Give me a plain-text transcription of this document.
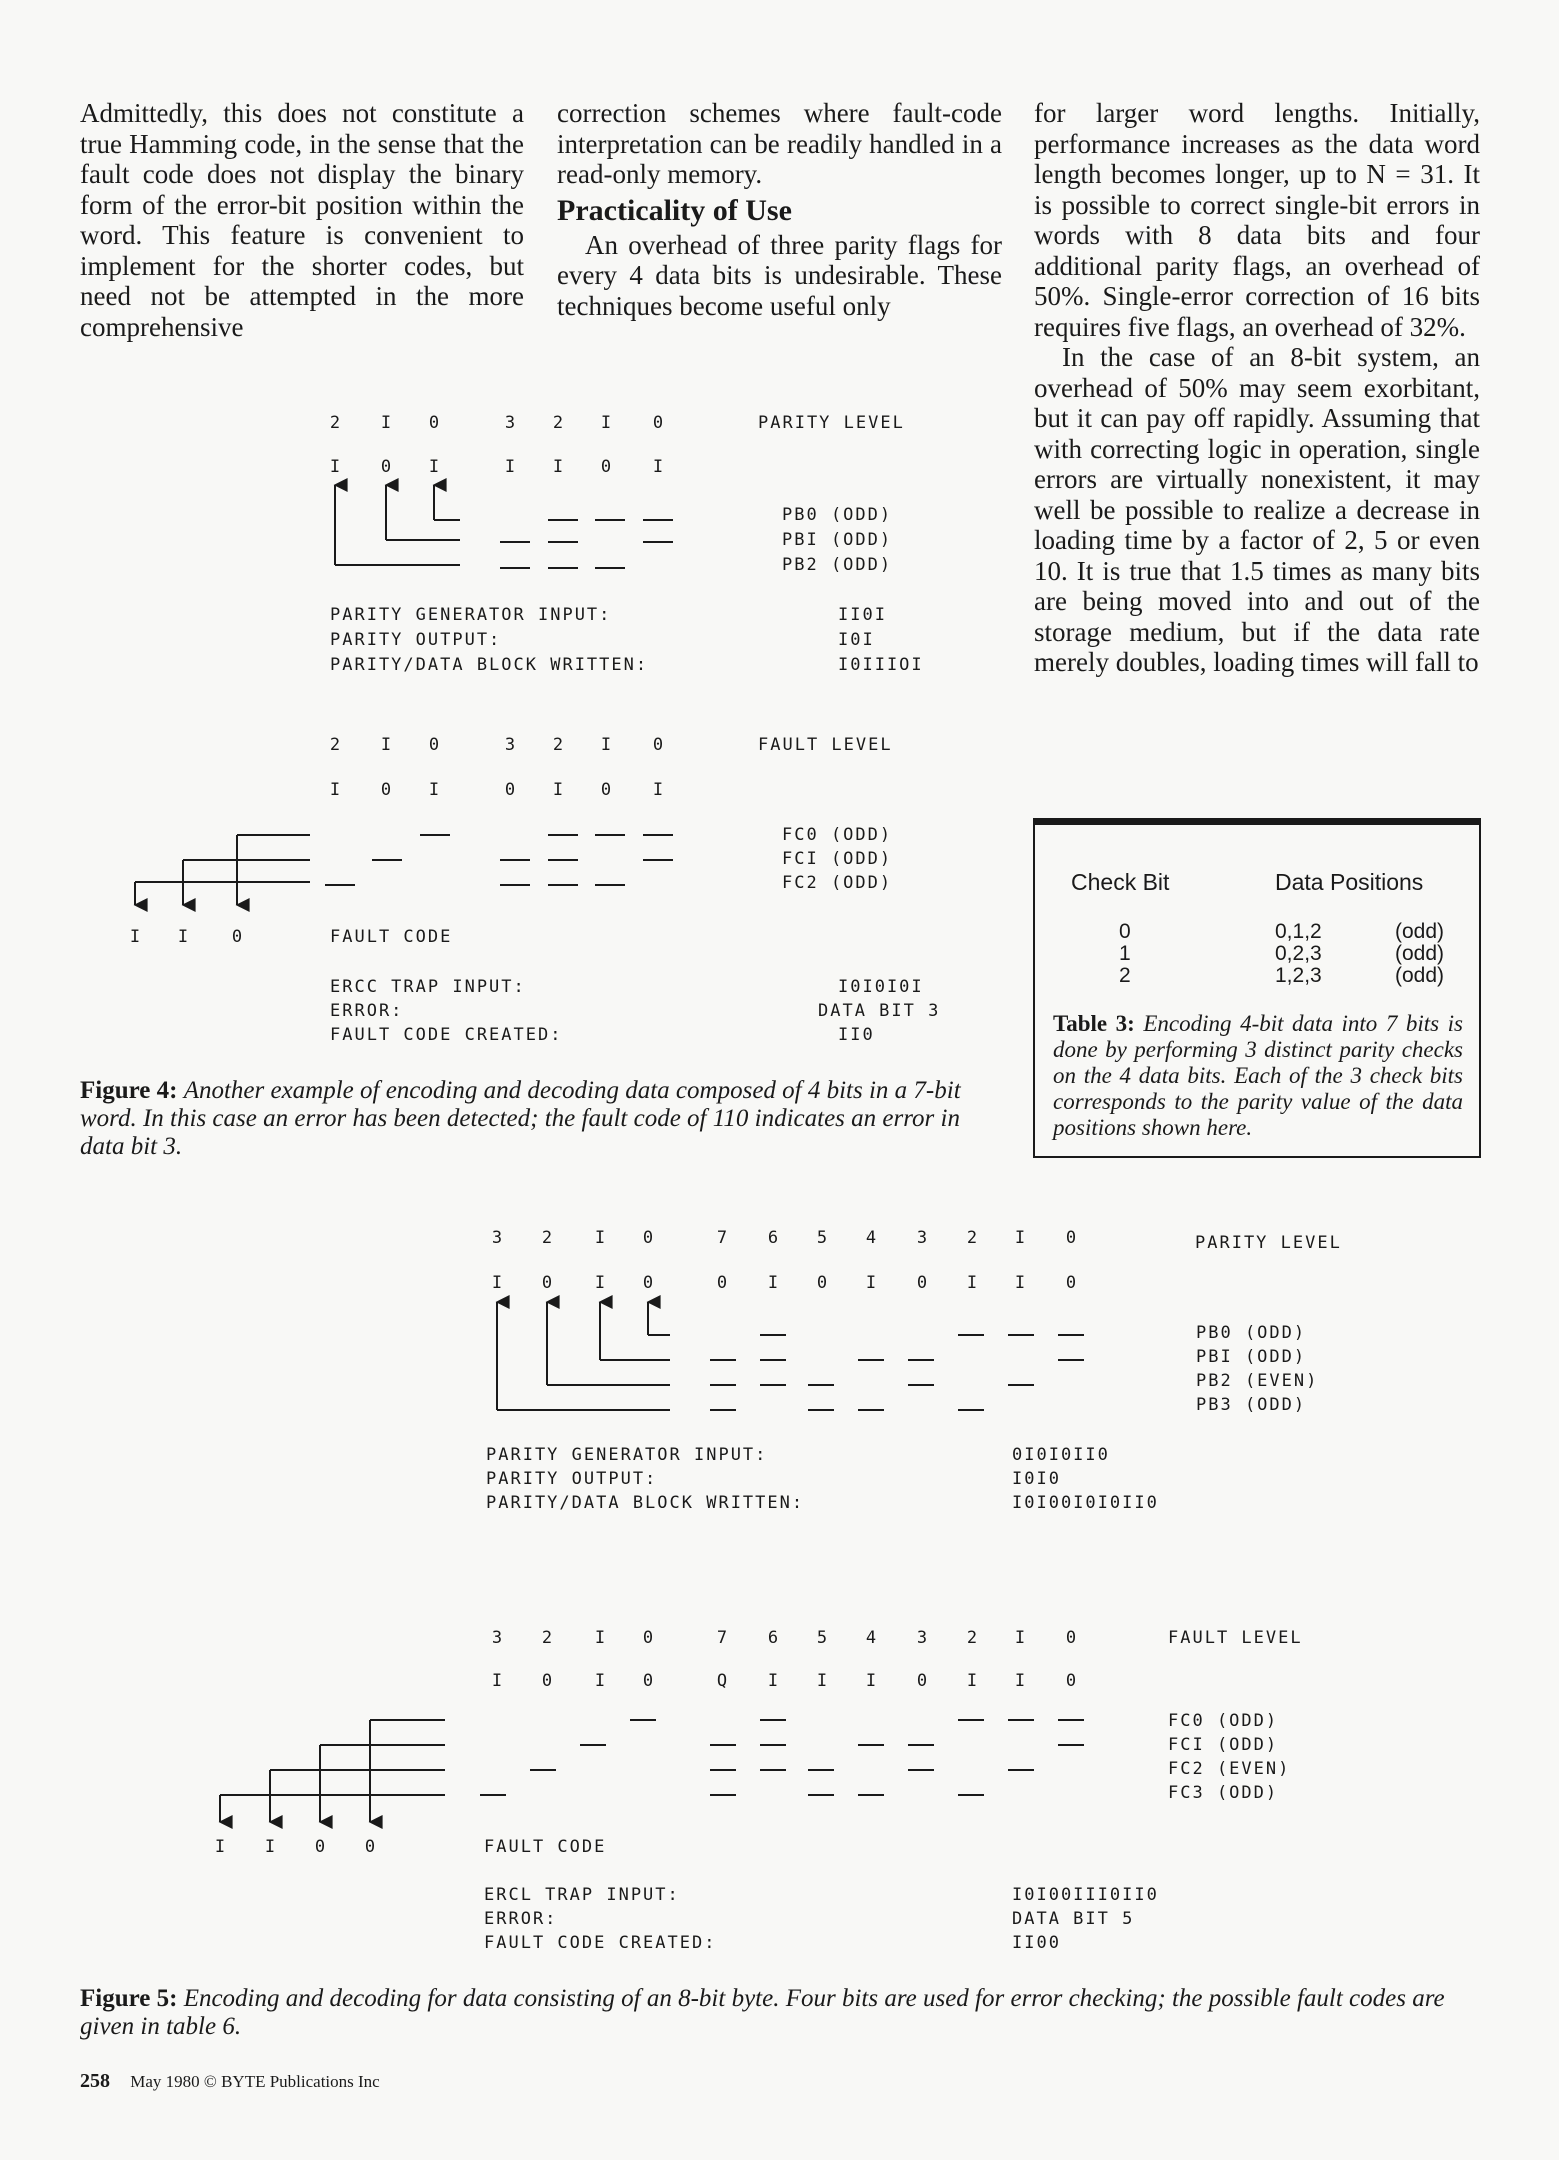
Admittedly, this does not constitute a true Hamming code, in the sense that the fault code does not display the binary form of the error-bit position within the word. This feature is convenient to implement for the shorter codes, but need not be attempted in the more comprehensive

correction schemes where fault-code interpretation can be readily handled in a read-only memory.

Practicality of Use

An overhead of three parity flags for every 4 data bits is undesirable. These techniques become useful only

for larger word lengths. Initially, performance increases as the data word length becomes longer, up to N = 31. It is possible to correct single-bit errors in words with 8 data bits and four additional parity flags, an overhead of 50%. Single-error correction of 16 bits requires five flags, an overhead of 32%.

In the case of an 8-bit system, an overhead of 50% may seem exorbitant, but it can pay off rapidly. Assuming that with correcting logic in operation, single errors are virtually nonexistent, it may well be possible to realize a decrease in loading time by a factor of 2, 5 or even 10. It is true that 1.5 times as many bits are being moved into and out of the storage medium, but if the data rate merely doubles, loading times will fall to

2 I 0	3 2 I 0
I 0 I	I I 0 I
2 I 0	3 2 I 0
I 0 I	0 I 0 I
I I	0
PARITY LEVEL
PB0 (ODD)
PBI (ODD)
PB2 (ODD)
PARITY GENERATOR INPUT:	II0I
PARITY OUTPUT:	I0I
PARITY/DATA BLOCK WRITTEN:	I0IIIOI
FAULT LEVEL
FC0 (ODD)
FCI (ODD)
FC2 (ODD)
FAULT CODE
ERCC TRAP INPUT:	I0I0I0I
ERROR:	DATA BIT 3
FAULT CODE CREATED:	II0
Figure 4: Another example of encoding and decoding data composed of 4 bits in a 7-bit word. In this case an error has been detected; the fault code of 110 indicates an error in data bit 3.
Check Bit	Data Positions
0	0,1,2	(odd)
1	0,2,3	(odd)
2	1,2,3	(odd)
Table 3: Encoding 4-bit data into 7 bits is done by performing 3 distinct parity checks on the 4 data bits. Each of the 3 check bits corresponds to the parity value of the data positions shown here.
3 2	I 0	7 6 5 4 3 2 I 0
I 0	I 0	0 I 0 I 0 I I 0
3 2	I 0	7 6 5 4 3 2 I 0
I 0	I 0	Q I I I 0 I I 0
I I 0 0
PARITY LEVEL
PB0 (ODD)
PBI (ODD)
PB2 (EVEN)
PB3 (ODD)
PARITY GENERATOR INPUT:	0I0I0II0
PARITY OUTPUT:	I0I0
PARITY/DATA BLOCK WRITTEN:	I0I00I0I0II0
FAULT LEVEL
FC0 (ODD)
FCI (ODD)
FC2 (EVEN)
FC3 (ODD)
FAULT CODE
ERCL TRAP INPUT:	I0I00III0II0
ERROR:	DATA BIT 5
FAULT CODE CREATED:	II00
Figure 5: Encoding and decoding for data consisting of an 8-bit byte. Four bits are used for error checking; the possible fault codes are given in table 6.
258 May 1980 © BYTE Publications Inc
